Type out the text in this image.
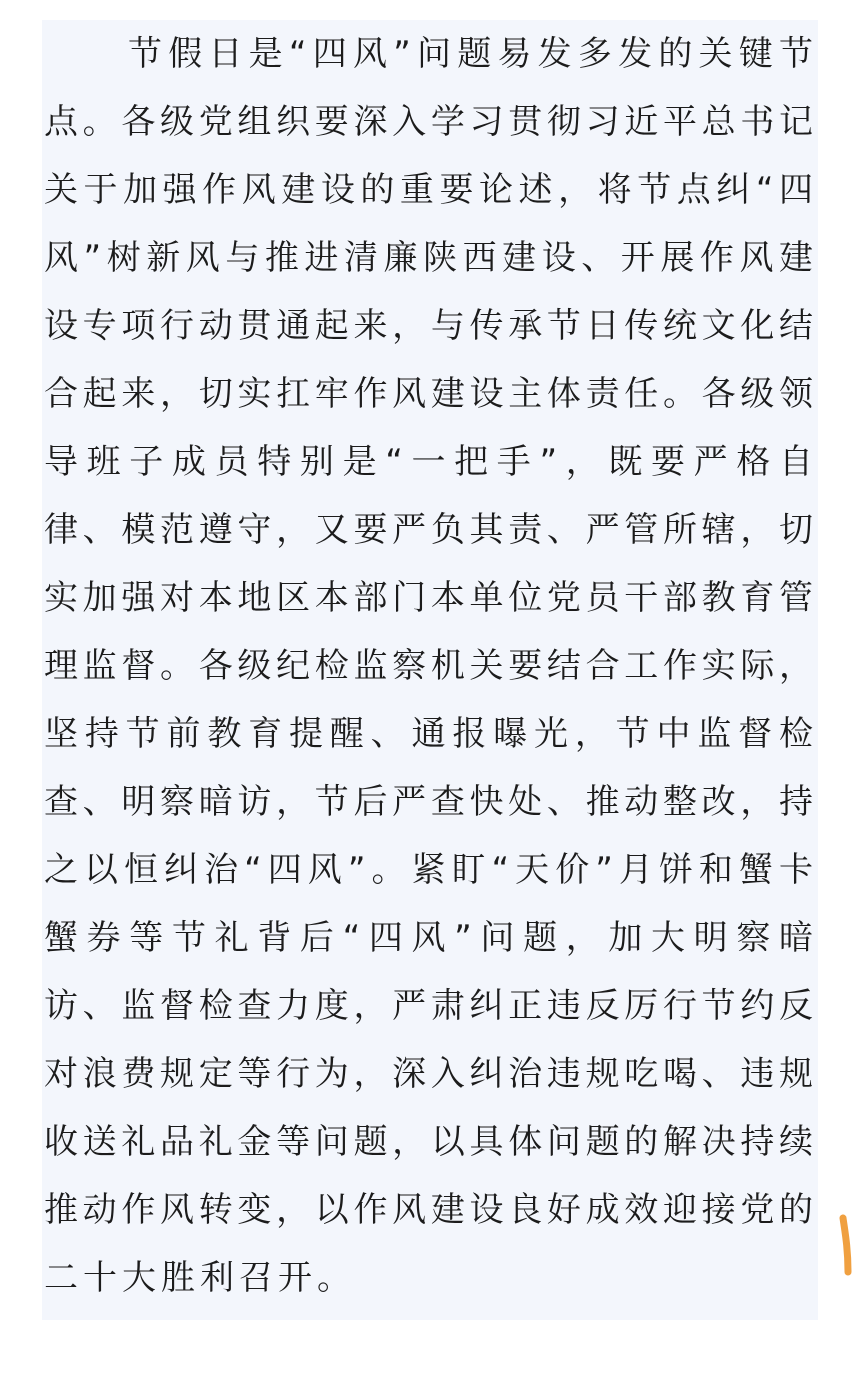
节假日是“四风”问题易发多发的关键节
点。各级党组织要深入学习贯彻习近平总书记
关于加强作风建设的重要论述，将节点纠“四
风”树新风与推进清廉陕西建设、开展作风建
设专项行动贯通起来，与传承节日传统文化结
合起来，切实扛牢作风建设主体责任。各级领
导班子成员特别是“一把手”，既要严格自
律、模范遵守，又要严负其责、严管所辖，切
实加强对本地区本部门本单位党员干部教育管
理监督。各级纪检监察机关要结合工作实际，
坚持节前教育提醒、通报曝光，节中监督检
查、明察暗访，节后严查快处、推动整改，持
之以恒纠治“四风”。紧盯“天价”月饼和蟹卡
蟹券等节礼背后“四风”问题，加大明察暗
访、监督检查力度，严肃纠正违反厉行节约反
对浪费规定等行为，深入纠治违规吃喝、违规
收送礼品礼金等问题，以具体问题的解决持续
推动作风转变，以作风建设良好成效迎接党的
二十大胜利召开。
